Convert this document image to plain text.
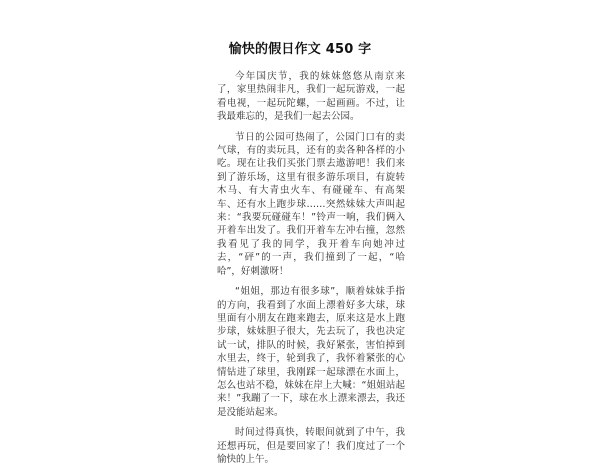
愉快的假日作文 450 字

今年国庆节，我的妹妹悠悠从南京来了，家里热闹非凡，我们一起玩游戏，一起看电视，一起玩陀螺，一起画画。不过，让我最难忘的，是我们一起去公园。

节日的公园可热闹了，公园门口有的卖气球，有的卖玩具，还有的卖各种各样的小吃。现在让我们买张门票去遨游吧！我们来到了游乐场，这里有很多游乐项目，有旋转木马、有大青虫火车、有碰碰车、有高架车、还有水上跑步球……突然妹妹大声叫起来：“我要玩碰碰车！”铃声一响，我们俩入开着车出发了。我们开着车左冲右撞，忽然我看见了我的同学，我开着车向她冲过去，“砰”的一声，我们撞到了一起，“哈哈”，好刺激呀！

“姐姐，那边有很多球”，顺着妹妹手指的方向，我看到了水面上漂着好多大球，球里面有小朋友在跑来跑去，原来这是水上跑步球，妹妹胆子很大，先去玩了，我也决定试一试，排队的时候，我好紧张，害怕掉到水里去，终于，轮到我了，我怀着紧张的心情钻进了球里，我刚踩一起球漂在水面上，怎么也站不稳，妹妹在岸上大喊：“姐姐站起来！”我蹦了一下，球在水上漂来漂去，我还是没能站起来。

时间过得真快，转眼间就到了中午，我还想再玩，但是要回家了！我们度过了一个愉快的上午。
